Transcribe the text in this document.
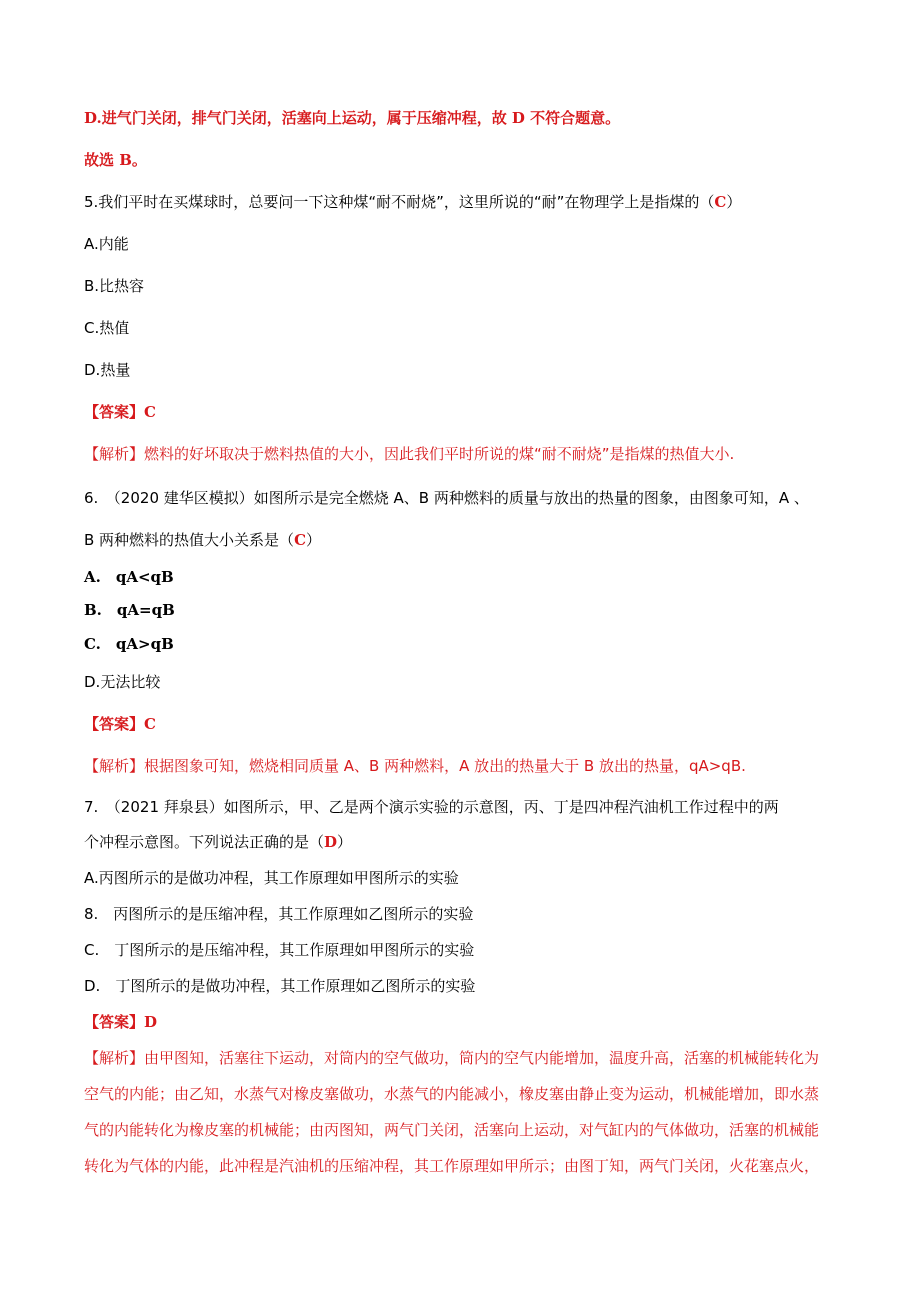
D.进气门关闭，排气门关闭，活塞向上运动，属于压缩冲程，故 D 不符合题意。

故选 B。

5.我们平时在买煤球时，总要问一下这种煤“耐不耐烧”，这里所说的“耐”在物理学上是指煤的（C）

A.内能

B.比热容

C.热值

D.热量

【答案】C

【解析】燃料的好坏取决于燃料热值的大小，因此我们平时所说的煤“耐不耐烧”是指煤的热值大小.

6.　（2020 建华区模拟）如图所示是完全燃烧 A、B 两种燃料的质量与放出的热量的图象，由图象可知，A 、

B 两种燃料的热值大小关系是（C）

A.　qA<qB

B.　qA=qB

C.　qA>qB

D.无法比较

【答案】C

【解析】根据图象可知，燃烧相同质量 A、B 两种燃料，A 放出的热量大于 B 放出的热量，qA>qB.

7.　（2021 拜泉县）如图所示，甲、乙是两个演示实验的示意图，丙、丁是四冲程汽油机工作过程中的两

个冲程示意图。下列说法正确的是（D）

A.丙图所示的是做功冲程，其工作原理如甲图所示的实验

8.　丙图所示的是压缩冲程，其工作原理如乙图所示的实验

C.　丁图所示的是压缩冲程，其工作原理如甲图所示的实验

D.　丁图所示的是做功冲程，其工作原理如乙图所示的实验

【答案】D

【解析】由甲图知，活塞往下运动，对筒内的空气做功，筒内的空气内能增加，温度升高，活塞的机械能转化为

空气的内能；由乙知，水蒸气对橡皮塞做功，水蒸气的内能减小，橡皮塞由静止变为运动，机械能增加，即水蒸

气的内能转化为橡皮塞的机械能；由丙图知，两气门关闭，活塞向上运动，对气缸内的气体做功，活塞的机械能

转化为气体的内能，此冲程是汽油机的压缩冲程，其工作原理如甲所示；由图丁知，两气门关闭，火花塞点火，
